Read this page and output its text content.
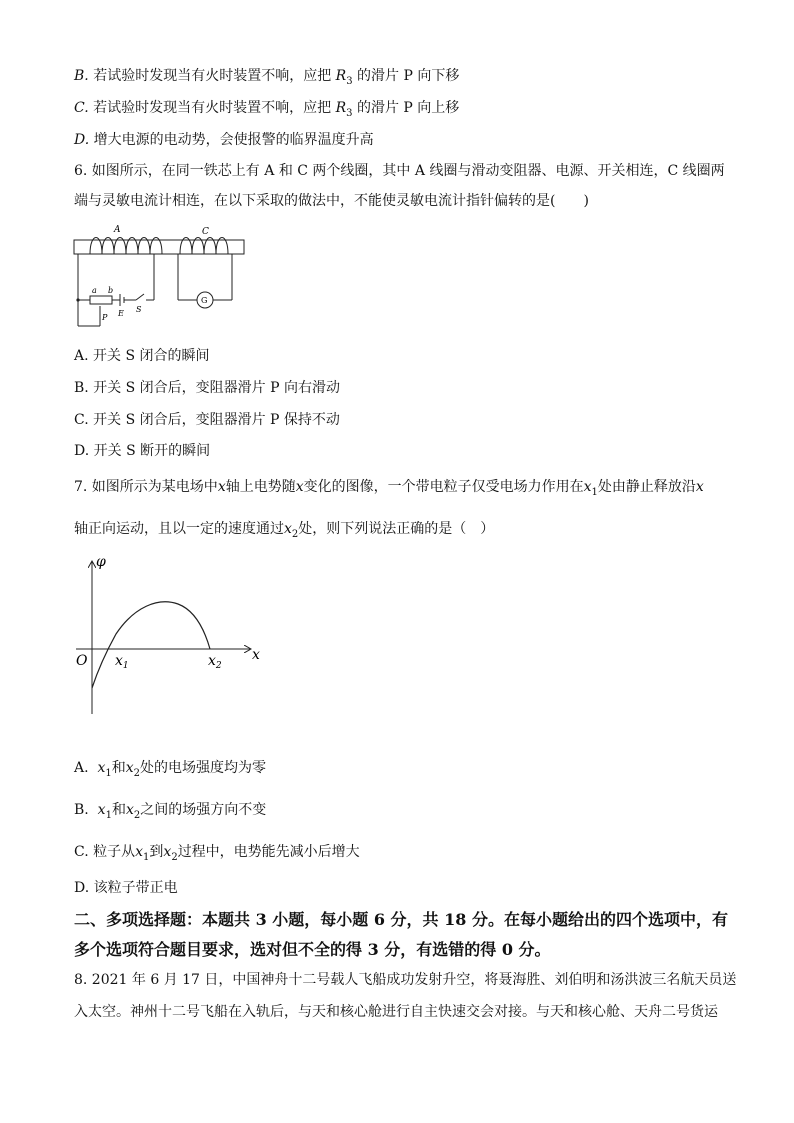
B. 若试验时发现当有火时装置不响，应把 $R_3$ 的滑片 P 向下移
C. 若试验时发现当有火时装置不响，应把 $R_3$ 的滑片 P 向上移
D. 增大电源的电动势，会使报警的临界温度升高
6. 如图所示，在同一铁芯上有 A 和 C 两个线圈，其中 A 线圈与滑动变阻器、电源、开关相连，C 线圈两
端与灵敏电流计相连，在以下采取的做法中，不能使灵敏电流计指针偏转的是(　　)
A	C
a b
P E S
G
A. 开关 S 闭合的瞬间
B. 开关 S 闭合后，变阻器滑片 P 向右滑动
C. 开关 S 闭合后，变阻器滑片 P 保持不动
D. 开关 S 断开的瞬间
7. 如图所示为某电场中x轴上电势随x变化的图像，一个带电粒子仅受电场力作用在$x_1$处由静止释放沿x
轴正向运动，且以一定的速度通过$x_2$处，则下列说法正确的是（　）
φ
O $x_1$	$x_2$
x
A. $x_1$和$x_2$处的电场强度均为零
B. $x_1$和$x_2$之间的场强方向不变
C. 粒子从$x_1$到$x_2$过程中，电势能先减小后增大
D. 该粒子带正电
二、多项选择题：本题共 3 小题，每小题 6 分，共 18 分。在每小题给出的四个选项中，有
多个选项符合题目要求，选对但不全的得 3 分，有选错的得 0 分。
8. 2021 年 6 月 17 日，中国神舟十二号载人飞船成功发射升空，将聂海胜、刘伯明和汤洪波三名航天员送
入太空。神州十二号飞船在入轨后，与天和核心舱进行自主快速交会对接。与天和核心舱、天舟二号货运
